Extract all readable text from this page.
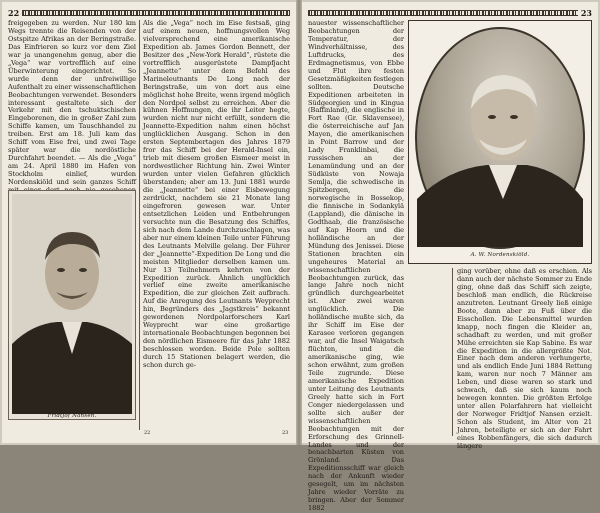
22

freigegeben zu werden. Nur 180 km Wegs trennte die Reisenden von der Ostspitze Afrikas an der Beringstraße. Das Einfrieren so kurz vor dem Ziel war ja unangenehm genug, aber die „Vega“ war vortrefflich auf eine Überwinterung eingerichtet. So wurde denn der unfreiwillige Aufenthalt zu einer wissenschaftlichen Beobachtungen verwendet. Besonders interessant gestaltete sich der Verkehr mit den tschuktschischen Eingeborenen, die in großer Zahl zum Schiffe kamen, um Tauschhandel zu treiben. Erst am 18. Juli kam das Schiff vom Eise frei, und zwei Tage später war die nordöstliche Durchfahrt beendet. — Als die „Vega“ am 24. April 1880 im Hafen von Stockholm einlief, wurden Nordenskiöld und sein ganzes Schiff

Als die „Vega“ noch im Eise festsaß, ging auf einem neuen, hoffnungsvollen Weg vielversprechend eine amerikanische Expedition ab. James Gordon Bennett, der Besitzer des „New-York Herald“, rüstete die vortrefflich ausgerüstete Dampfjacht „Jeannette“ unter dem Befehl des Marineleutnants De Long nach der Beringstraße, um von dort aus eine möglichst hohe Breite, wenn irgend möglich den Nordpol selbst zu erreichen. Aber die kühnen Hoffnungen, die ihr Leiter hegte, wurden nicht nur nicht erfüllt, sondern die Jeannette-Expedition nahm einen höchst unglücklichen Ausgang. Schon in den ersten Septembertagen des Jahres 1879 fror das Schiff bei der Herald-Insel ein, trieb mit diesem großen Eismeer meist in nordwestlicher Richtung hin. Zwei Winter wurden unter vielen Gefahren glücklich überstanden; aber am 13. Juni 1881 wurde die „Jeannette“ bei einer Eisbewegung zerdrückt, nachdem sie 21 Monate lang eingefroren gewesen war. Unter entsetzlichen Leiden und Entbehrungen versuchte nun die Besatzung des Schiffes, sich nach dem Lande durchzuschlagen, was aber nur einem kleinen Teile unter Führung des Leutnants Melville gelang. Der Führer der „Jeannette“-Expedition De Long und die meisten Mitglieder derselben kamen um. Nur 13 Teilnehmern kehrten von der Expedition zurück. Ähnlich unglücklich verlief eine zweite amerikanische Expedition, die zur gleichen Zeit aufbrach. Auf die Anregung des Leutnants Weyprecht hin, Begründers des „Jagstkreis“ bekannt gewordenen Nordpolarforschers Karl Weyprecht war eine großartige internationale Beobachtungen begonnen bei den nördlichen Eismeere für das Jahr 1882 beschlossen worden. Beide Pole sollten durch 15 Stationen belagert werden, die schon durch ge-

Fridtjof Nansen.
22	23
23
A. W. Nordenskiöld.

nauester wissenschaftlicher Beobachtungen der Temperatur, der Windverhältnisse, des Luftdrucks, des Erdmagnetismus, von Ebbe und Flut ihre festen Gesetzmäßigkeiten festlegen sollten. Deutsche Expeditionen arbeiteten in Südgeorgien und in Kingua (Baffinland), die englische in Fort Rae (Gr. Sklavensee), die österreichische auf Jan Mayen, die amerikanischen in Point Barrow und der Lady Franklinbai, die russischen an der Lenamündung und an der Südküste von Nowaja Semlja, die schwedische in Spitzbergen, die norwegische in Bossekop, die finnische in Sodankylä (Lappland), die dänische in Godthaab, die französische auf Kap Hoorn und die holländische an der Mündung des Jenissei. Diese Stationen brachten ein ungeheures Material an wissenschaftlichen Beobachtungen zurück, das lange Jahre noch nicht gründlich durchgearbeitet ist. Aber zwei waren unglücklich. Die holländische mußte sich, da ihr Schiff im Eise der Karasee verloren gegangen war, auf die Insel Waigatsch flüchten, und die amerikanische ging, wie schon erwähnt, zum großen Teile zugrunde. Diese amerikanische Expedition unter Leitung des Leutnants Greely hatte sich in Fort Conger niedergelassen und sollte sich außer der wissenschaftlichen Beobachtungen mit der Erforschung des Grinnell-Landes und der benachbarten Küsten von Grönland. Das Expeditionsschiff war gleich nach der Ankunft wieder gesegelt, um im nächsten Jahre wieder Vorräte zu bringen. Aber der Sommer 1882

ging vorüber, ohne daß es erschien. Als dann auch der nächste Sommer zu Ende ging, ohne daß das Schiff sich zeigte, beschloß man endlich, die Rückreise anzutreten. Leutnant Greely ließ einige Boote, dann aber zu Fuß über die Eisschollen. Die Lebensmittel wurden knapp, noch fingen die Kleider an, schadhaft zu werden, und mit großer Mühe erreichten sie Kap Sabine. Es war die Expedition in die allergrößte Not. Einer nach dem anderen verhungerte, und als endlich Ende Juni 1884 Rettung kam, waren nur noch 7 Männer am Leben, und diese waren so stark und schwach, daß sie sich kaum noch bewegen konnten. Die größten Erfolge unter allen Polarfahrern hat vielleicht der Norweger Fridtjof Nansen erzielt. Schon als Student, im Alter von 21 Jahren, beteiligte er sich an der Fahrt eines Robbenfängers, die sich dadurch längere
